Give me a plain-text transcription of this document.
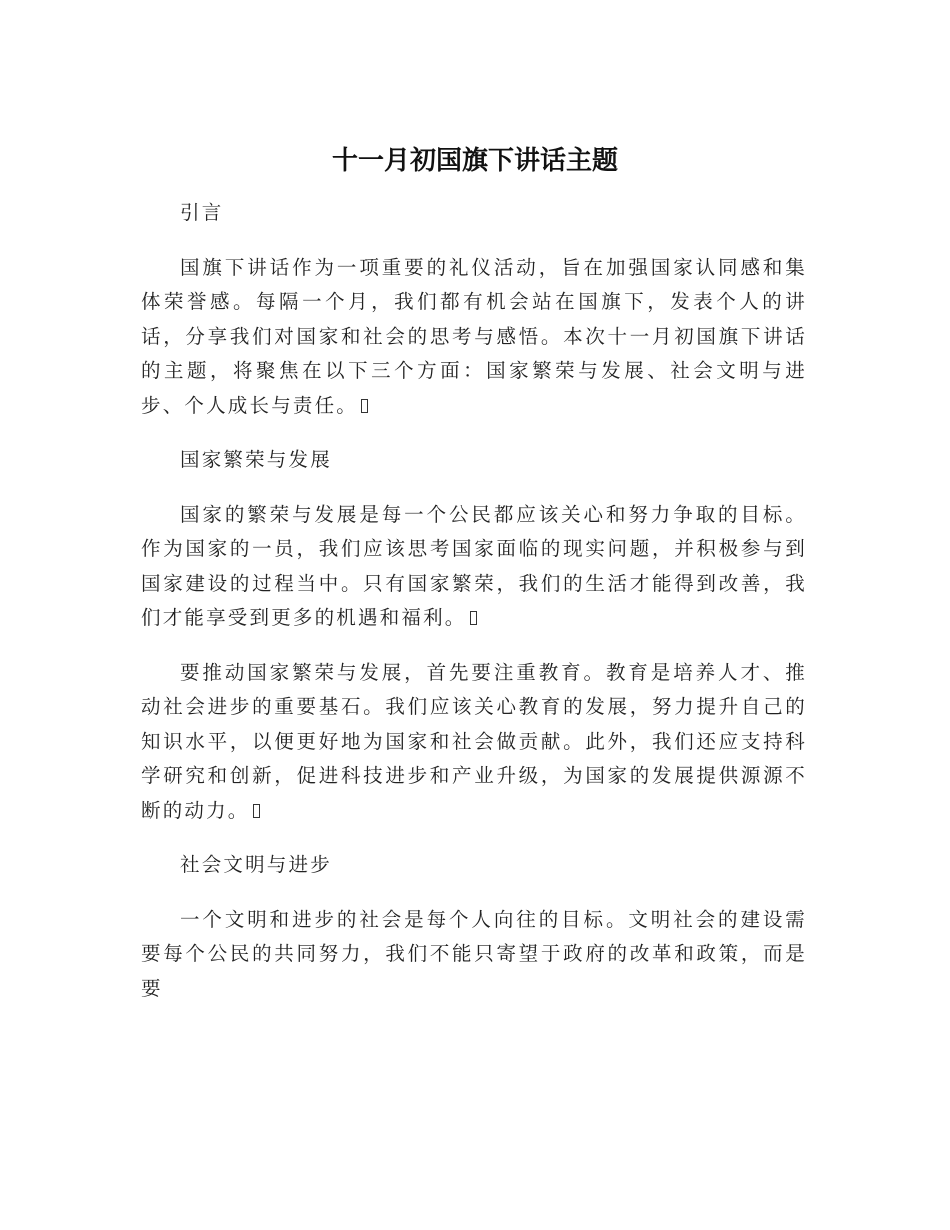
十一月初国旗下讲话主题
引言
国旗下讲话作为一项重要的礼仪活动，旨在加强国家认同感和集体荣誉感。每隔一个月，我们都有机会站在国旗下，发表个人的讲话，分享我们对国家和社会的思考与感悟。本次十一月初国旗下讲话的主题，将聚焦在以下三个方面：国家繁荣与发展、社会文明与进步、个人成长与责任。
国家繁荣与发展
国家的繁荣与发展是每一个公民都应该关心和努力争取的目标。作为国家的一员，我们应该思考国家面临的现实问题，并积极参与到国家建设的过程当中。只有国家繁荣，我们的生活才能得到改善，我们才能享受到更多的机遇和福利。
要推动国家繁荣与发展，首先要注重教育。教育是培养人才、推动社会进步的重要基石。我们应该关心教育的发展，努力提升自己的知识水平，以便更好地为国家和社会做贡献。此外，我们还应支持科学研究和创新，促进科技进步和产业升级，为国家的发展提供源源不断的动力。
社会文明与进步
一个文明和进步的社会是每个人向往的目标。文明社会的建设需要每个公民的共同努力，我们不能只寄望于政府的改革和政策，而是要
